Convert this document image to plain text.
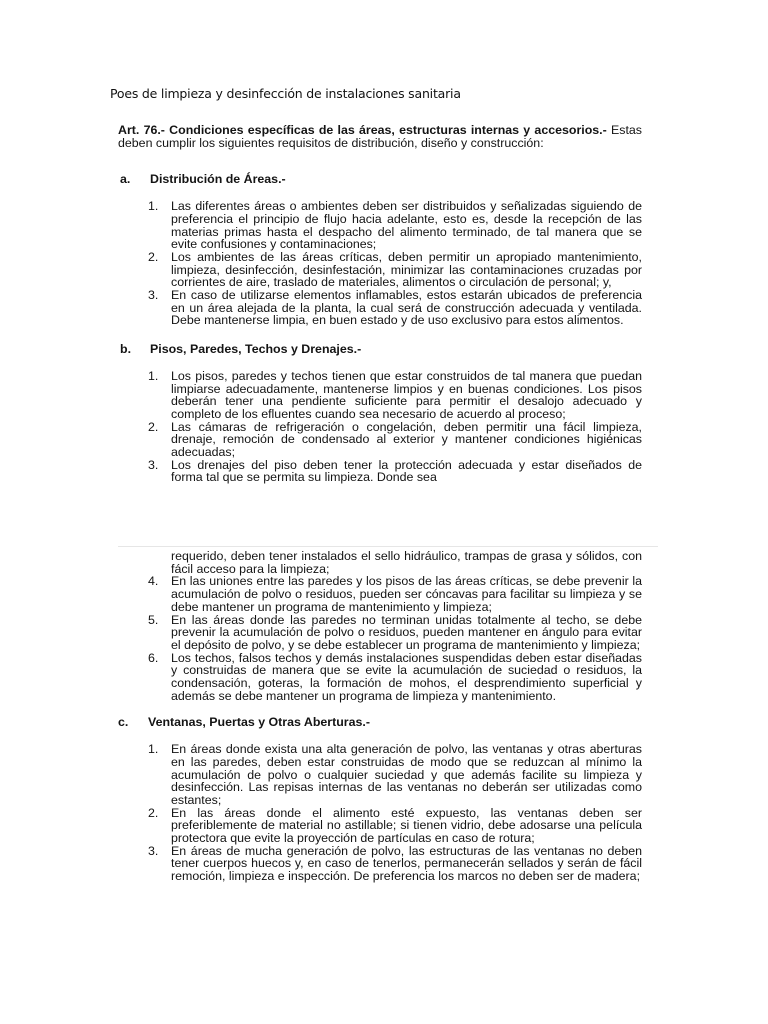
Poes de limpieza y desinfección de instalaciones sanitaria

Art. 76.- Condiciones específicas de las áreas, estructuras internas y accesorios.- Estas deben cumplir los siguientes requisitos de distribución, diseño y construcción:

a.	Distribución de Áreas.-
1.	Las diferentes áreas o ambientes deben ser distribuidos y señalizadas siguiendo de preferencia el principio de flujo hacia adelante, esto es, desde la recepción de las materias primas hasta el despacho del alimento terminado, de tal manera que se evite confusiones y contaminaciones;
2.	Los ambientes de las áreas críticas, deben permitir un apropiado mantenimiento, limpieza, desinfección, desinfestación, minimizar las contaminaciones cruzadas por corrientes de aire, traslado de materiales, alimentos o circulación de personal; y,
3.	En caso de utilizarse elementos inflamables, estos estarán ubicados de preferencia en un área alejada de la planta, la cual será de construcción adecuada y ventilada. Debe mantenerse limpia, en buen estado y de uso exclusivo para estos alimentos.
b.	Pisos, Paredes, Techos y Drenajes.-
1.	Los pisos, paredes y techos tienen que estar construidos de tal manera que puedan limpiarse adecuadamente, mantenerse limpios y en buenas condiciones. Los pisos deberán tener una pendiente suficiente para permitir el desalojo adecuado y completo de los efluentes cuando sea necesario de acuerdo al proceso;
2.	Las cámaras de refrigeración o congelación, deben permitir una fácil limpieza, drenaje, remoción de condensado al exterior y mantener condiciones higiénicas adecuadas;
3.	Los drenajes del piso deben tener la protección adecuada y estar diseñados de forma tal que se permita su limpieza. Donde sea
requerido, deben tener instalados el sello hidráulico, trampas de grasa y sólidos, con fácil acceso para la limpieza;
4.	En las uniones entre las paredes y los pisos de las áreas críticas, se debe prevenir la acumulación de polvo o residuos, pueden ser cóncavas para facilitar su limpieza y se debe mantener un programa de mantenimiento y limpieza;
5.	En las áreas donde las paredes no terminan unidas totalmente al techo, se debe prevenir la acumulación de polvo o residuos, pueden mantener en ángulo para evitar el depósito de polvo, y se debe establecer un programa de mantenimiento y limpieza;
6.	Los techos, falsos techos y demás instalaciones suspendidas deben estar diseñadas y construidas de manera que se evite la acumulación de suciedad o residuos, la condensación, goteras, la formación de mohos, el desprendimiento superficial y además se debe mantener un programa de limpieza y mantenimiento.
c.	Ventanas, Puertas y Otras Aberturas.-
1.	En áreas donde exista una alta generación de polvo, las ventanas y otras aberturas en las paredes, deben estar construidas de modo que se reduzcan al mínimo la acumulación de polvo o cualquier suciedad y que además facilite su limpieza y desinfección. Las repisas internas de las ventanas no deberán ser utilizadas como estantes;
2.	En las áreas donde el alimento esté expuesto, las ventanas deben ser preferiblemente de material no astillable; si tienen vidrio, debe adosarse una película protectora que evite la proyección de partículas en caso de rotura;
3.	En áreas de mucha generación de polvo, las estructuras de las ventanas no deben tener cuerpos huecos y, en caso de tenerlos, permanecerán sellados y serán de fácil remoción, limpieza e inspección. De preferencia los marcos no deben ser de madera;
